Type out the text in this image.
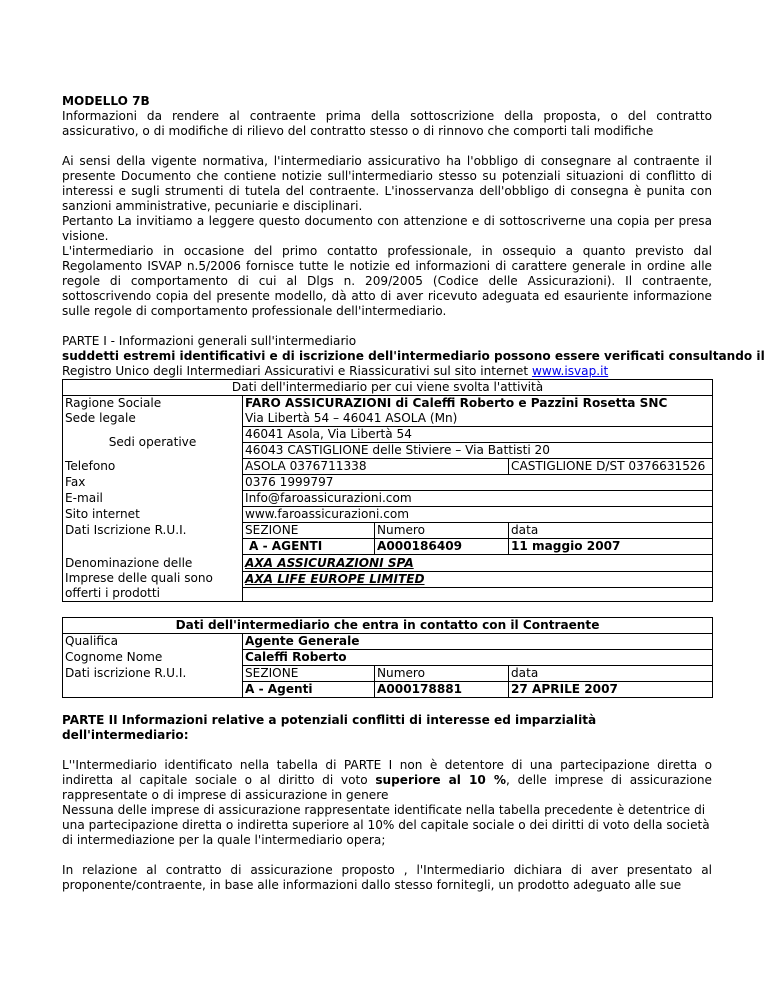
MODELLO 7B

Informazioni da rendere al contraente prima della sottoscrizione della proposta, o del contratto assicurativo, o di modifiche di rilievo del contratto stesso o di rinnovo che comporti tali modifiche

Ai sensi della vigente normativa, l'intermediario assicurativo ha l'obbligo di consegnare al contraente il presente Documento che contiene notizie sull'intermediario stesso su potenziali situazioni di conflitto di interessi e sugli strumenti di tutela del contraente. L'inosservanza dell'obbligo di consegna è punita con sanzioni amministrative, pecuniarie e disciplinari.

Pertanto La invitiamo a leggere questo documento con attenzione e di sottoscriverne una copia per presa visione.

L'intermediario in occasione del primo contatto professionale, in ossequio a quanto previsto dal Regolamento ISVAP n.5/2006 fornisce tutte le notizie ed informazioni di carattere generale in ordine alle regole di comportamento di cui al Dlgs n. 209/2005 (Codice delle Assicurazioni). Il contraente, sottoscrivendo copia del presente modello, dà atto di aver ricevuto adeguata ed esauriente informazione sulle regole di comportamento professionale dell'intermediario.

PARTE I - Informazioni generali sull'intermediario

suddetti estremi identificativi e di iscrizione dell'intermediario possono essere verificati consultando il

Registro Unico degli Intermediari Assicurativi e Riassicurativi sul sito internet www.isvap.it

Dati dell'intermediario per cui viene svolta l'attività			
Ragione Sociale	FARO ASSICURAZIONI di Caleffi Roberto e Pazzini Rosetta SNC		
Sede legale	Via Libertà 54 – 46041 ASOLA (Mn)		
Sedi operative	46041 Asola, Via Libertà 54		
	46043 CASTIGLIONE delle Stiviere – Via Battisti 20		
Telefono	ASOLA 0376711338		CASTIGLIONE D/ST 0376631526
Fax	0376 1999797		
E-mail	Info@faroassicurazioni.com		
Sito internet	www.faroassicurazioni.com		
Dati Iscrizione R.U.I.	SEZIONE	Numero	data
	A - AGENTI	A000186409	11 maggio 2007
Denominazione delle Imprese delle quali sono offerti i prodotti	AXA ASSICURAZIONI SPA		
	AXA LIFE EUROPE LIMITED		

Dati dell'intermediario che entra in contatto con il Contraente			
Qualifica	Agente Generale		
Cognome Nome	Caleffi Roberto		
Dati iscrizione R.U.I.	SEZIONE	Numero	data
	A - Agenti	A000178881	27 APRILE 2007

PARTE II Informazioni relative a potenziali conflitti di interesse ed imparzialità dell'intermediario:

L''Intermediario identificato nella tabella di PARTE I non è detentore di una partecipazione diretta o indiretta al capitale sociale o al diritto di voto superiore al 10 %, delle imprese di assicurazione rappresentate o di imprese di assicurazione in genere

Nessuna delle imprese di assicurazione rappresentate identificate nella tabella precedente è detentrice di una partecipazione diretta o indiretta superiore al 10% del capitale sociale o dei diritti di voto della società di intermediazione per la quale l'intermediario opera;

In relazione al contratto di assicurazione proposto , l'Intermediario dichiara di aver presentato al proponente/contraente, in base alle informazioni dallo stesso fornitegli, un prodotto adeguato alle sue
